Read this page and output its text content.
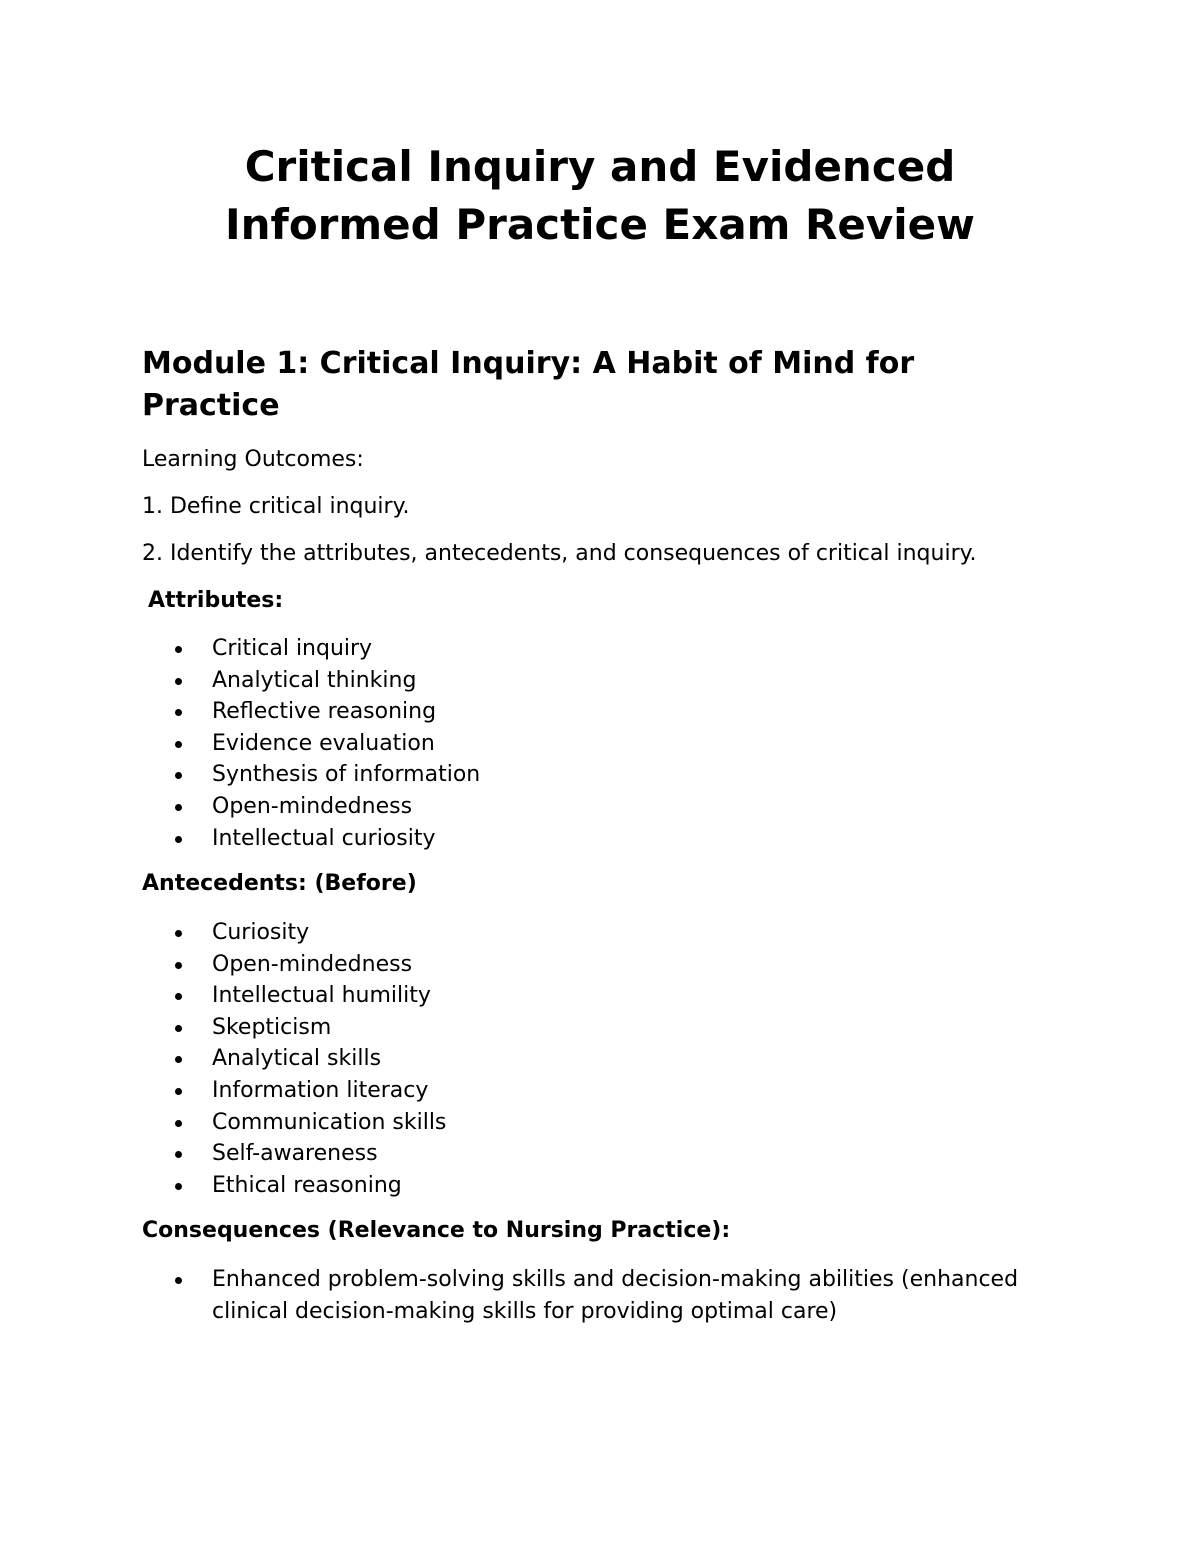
Critical Inquiry and Evidenced
Informed Practice Exam Review
Module 1: Critical Inquiry: A Habit of Mind for
Practice

Learning Outcomes:

1. Define critical inquiry.

2. Identify the attributes, antecedents, and consequences of critical inquiry.

Attributes:

Critical inquiry
Analytical thinking
Reflective reasoning
Evidence evaluation
Synthesis of information
Open-mindedness
Intellectual curiosity

Antecedents: (Before)

Curiosity
Open-mindedness
Intellectual humility
Skepticism
Analytical skills
Information literacy
Communication skills
Self-awareness
Ethical reasoning

Consequences (Relevance to Nursing Practice):

Enhanced problem-solving skills and decision-making abilities (enhanced clinical decision-making skills for providing optimal care)
